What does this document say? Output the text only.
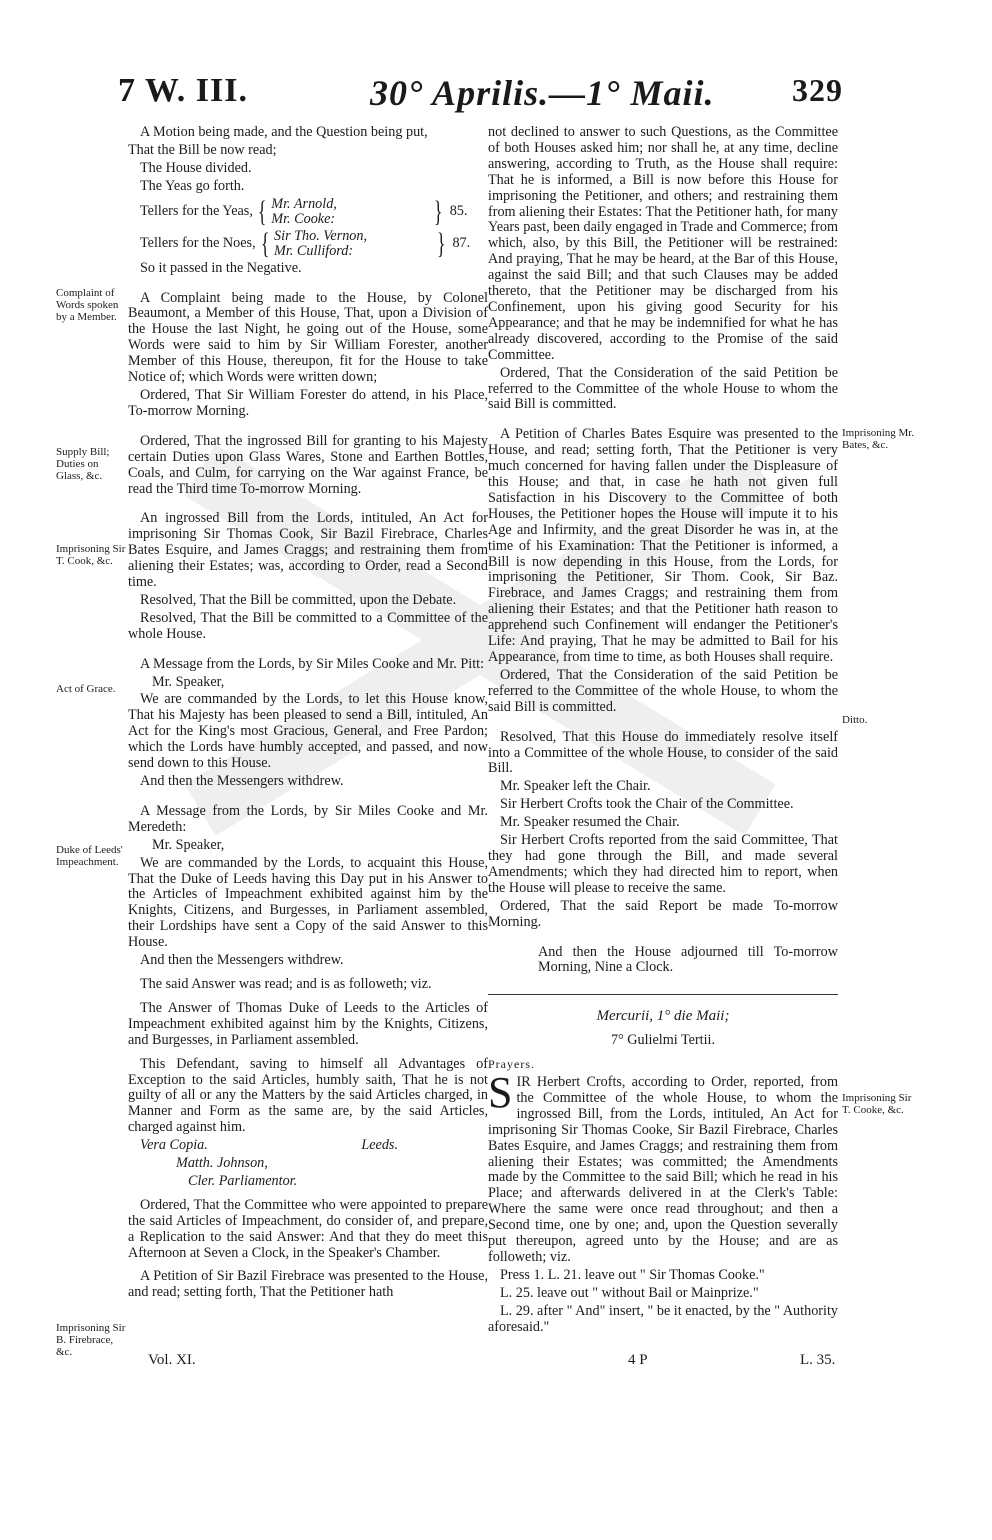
7 W. III.	30° Aprilis.—1° Maii. 329
Complaint of Words spoken by a Member.
Supply Bill; Duties on Glass, &c.
Imprisoning Sir T. Cook, &c.
Act of Grace.
Duke of Leeds' Impeachment.
Imprisoning Sir B. Firebrace, &c.
Imprisoning Mr. Bates, &c.
Ditto.
Imprisoning Sir T. Cooke, &c.

A Motion being made, and the Question being put,

That the Bill be now read;

The House divided.

The Yeas go forth.

Tellers for the Yeas, { Mr. Arnold,
Mr. Cooke:	} 85.
Tellers for the Noes, { Sir Tho. Vernon,
Mr. Culliford:	} 87.

So it passed in the Negative.

A Complaint being made to the House, by Colonel Beaumont, a Member of this House, That, upon a Division of the House the last Night, he going out of the House, some Words were said to him by Sir William Forester, another Member of this House, thereupon, fit for the House to take Notice of; which Words were written down;

Ordered, That Sir William Forester do attend, in his Place, To-morrow Morning.

Ordered, That the ingrossed Bill for granting to his Majesty certain Duties upon Glass Wares, Stone and Earthen Bottles, Coals, and Culm, for carrying on the War against France, be read the Third time To-morrow Morning.

An ingrossed Bill from the Lords, intituled, An Act for imprisoning Sir Thomas Cook, Sir Bazil Firebrace, Charles Bates Esquire, and James Craggs; and restraining them from aliening their Estates; was, according to Order, read a Second time.

Resolved, That the Bill be committed, upon the Debate.

Resolved, That the Bill be committed to a Committee of the whole House.

A Message from the Lords, by Sir Miles Cooke and Mr. Pitt:

Mr. Speaker,

We are commanded by the Lords, to let this House know, That his Majesty has been pleased to send a Bill, intituled, An Act for the King's most Gracious, General, and Free Pardon; which the Lords have humbly accepted, and passed, and now send down to this House.

And then the Messengers withdrew.

A Message from the Lords, by Sir Miles Cooke and Mr. Meredeth:

Mr. Speaker,

We are commanded by the Lords, to acquaint this House, That the Duke of Leeds having this Day put in his Answer to the Articles of Impeachment exhibited against him by the Knights, Citizens, and Burgesses, in Parliament assembled, their Lordships have sent a Copy of the said Answer to this House.

And then the Messengers withdrew.

The said Answer was read; and is as followeth; viz.

The Answer of Thomas Duke of Leeds to the Articles of Impeachment exhibited against him by the Knights, Citizens, and Burgesses, in Parliament assembled.

This Defendant, saving to himself all Advantages of Exception to the said Articles, humbly saith, That he is not guilty of all or any the Matters by the said Articles charged, in Manner and Form as the same are, by the said Articles, charged against him.

Vera Copia.	Leeds.

Matth. Johnson,

Cler. Parliamentor.

Ordered, That the Committee who were appointed to prepare the said Articles of Impeachment, do consider of, and prepare, a Replication to the said Answer: And that they do meet this Afternoon at Seven a Clock, in the Speaker's Chamber.

A Petition of Sir Bazil Firebrace was presented to the House, and read; setting forth, That the Petitioner hath

not declined to answer to such Questions, as the Committee of both Houses asked him; nor shall he, at any time, decline answering, according to Truth, as the House shall require: That he is informed, a Bill is now before this House for imprisoning the Petitioner, and others; and restraining them from aliening their Estates: That the Petitioner hath, for many Years past, been daily engaged in Trade and Commerce; from which, also, by this Bill, the Petitioner will be restrained: And praying, That he may be heard, at the Bar of this House, against the said Bill; and that such Clauses may be added thereto, that the Petitioner may be discharged from his Confinement, upon his giving good Security for his Appearance; and that he may be indemnified for what he has already discovered, according to the Promise of the said Committee.

Ordered, That the Consideration of the said Petition be referred to the Committee of the whole House to whom the said Bill is committed.

A Petition of Charles Bates Esquire was presented to the House, and read; setting forth, That the Petitioner is very much concerned for having fallen under the Displeasure of this House; and that, in case he hath not given full Satisfaction in his Discovery to the Committee of both Houses, the Petitioner hopes the House will impute it to his Age and Infirmity, and the great Disorder he was in, at the time of his Examination: That the Petitioner is informed, a Bill is now depending in this House, from the Lords, for imprisoning the Petitioner, Sir Thom. Cook, Sir Baz. Firebrace, and James Craggs; and restraining them from aliening their Estates; and that the Petitioner hath reason to apprehend such Confinement will endanger the Petitioner's Life: And praying, That he may be admitted to Bail for his Appearance, from time to time, as both Houses shall require.

Ordered, That the Consideration of the said Petition be referred to the Committee of the whole House, to whom the said Bill is committed.

Resolved, That this House do immediately resolve itself into a Committee of the whole House, to consider of the said Bill.

Mr. Speaker left the Chair.

Sir Herbert Crofts took the Chair of the Committee.

Mr. Speaker resumed the Chair.

Sir Herbert Crofts reported from the said Committee, That they had gone through the Bill, and made several Amendments; which they had directed him to report, when the House will please to receive the same.

Ordered, That the said Report be made To-morrow Morning.

And then the House adjourned till To-morrow Morning, Nine a Clock.

Mercurii, 1° die Maii;

7° Gulielmi Tertii.

Prayers.

SIR Herbert Crofts, according to Order, reported, from the Committee of the whole House, to whom the ingrossed Bill, from the Lords, intituled, An Act for imprisoning Sir Thomas Cooke, Sir Bazil Firebrace, Charles Bates Esquire, and James Craggs; and restraining them from aliening their Estates; was committed; the Amendments made by the Committee to the said Bill; which he read in his Place; and afterwards delivered in at the Clerk's Table: Where the same were once read throughout; and then a Second time, one by one; and, upon the Question severally put thereupon, agreed unto by the House; and are as followeth; viz.

Press 1. L. 21. leave out " Sir Thomas Cooke."

L. 25. leave out " without Bail or Mainprize."

L. 29. after " And" insert, " be it enacted, by the " Authority aforesaid."

Vol. XI.	4 P	L. 35.
